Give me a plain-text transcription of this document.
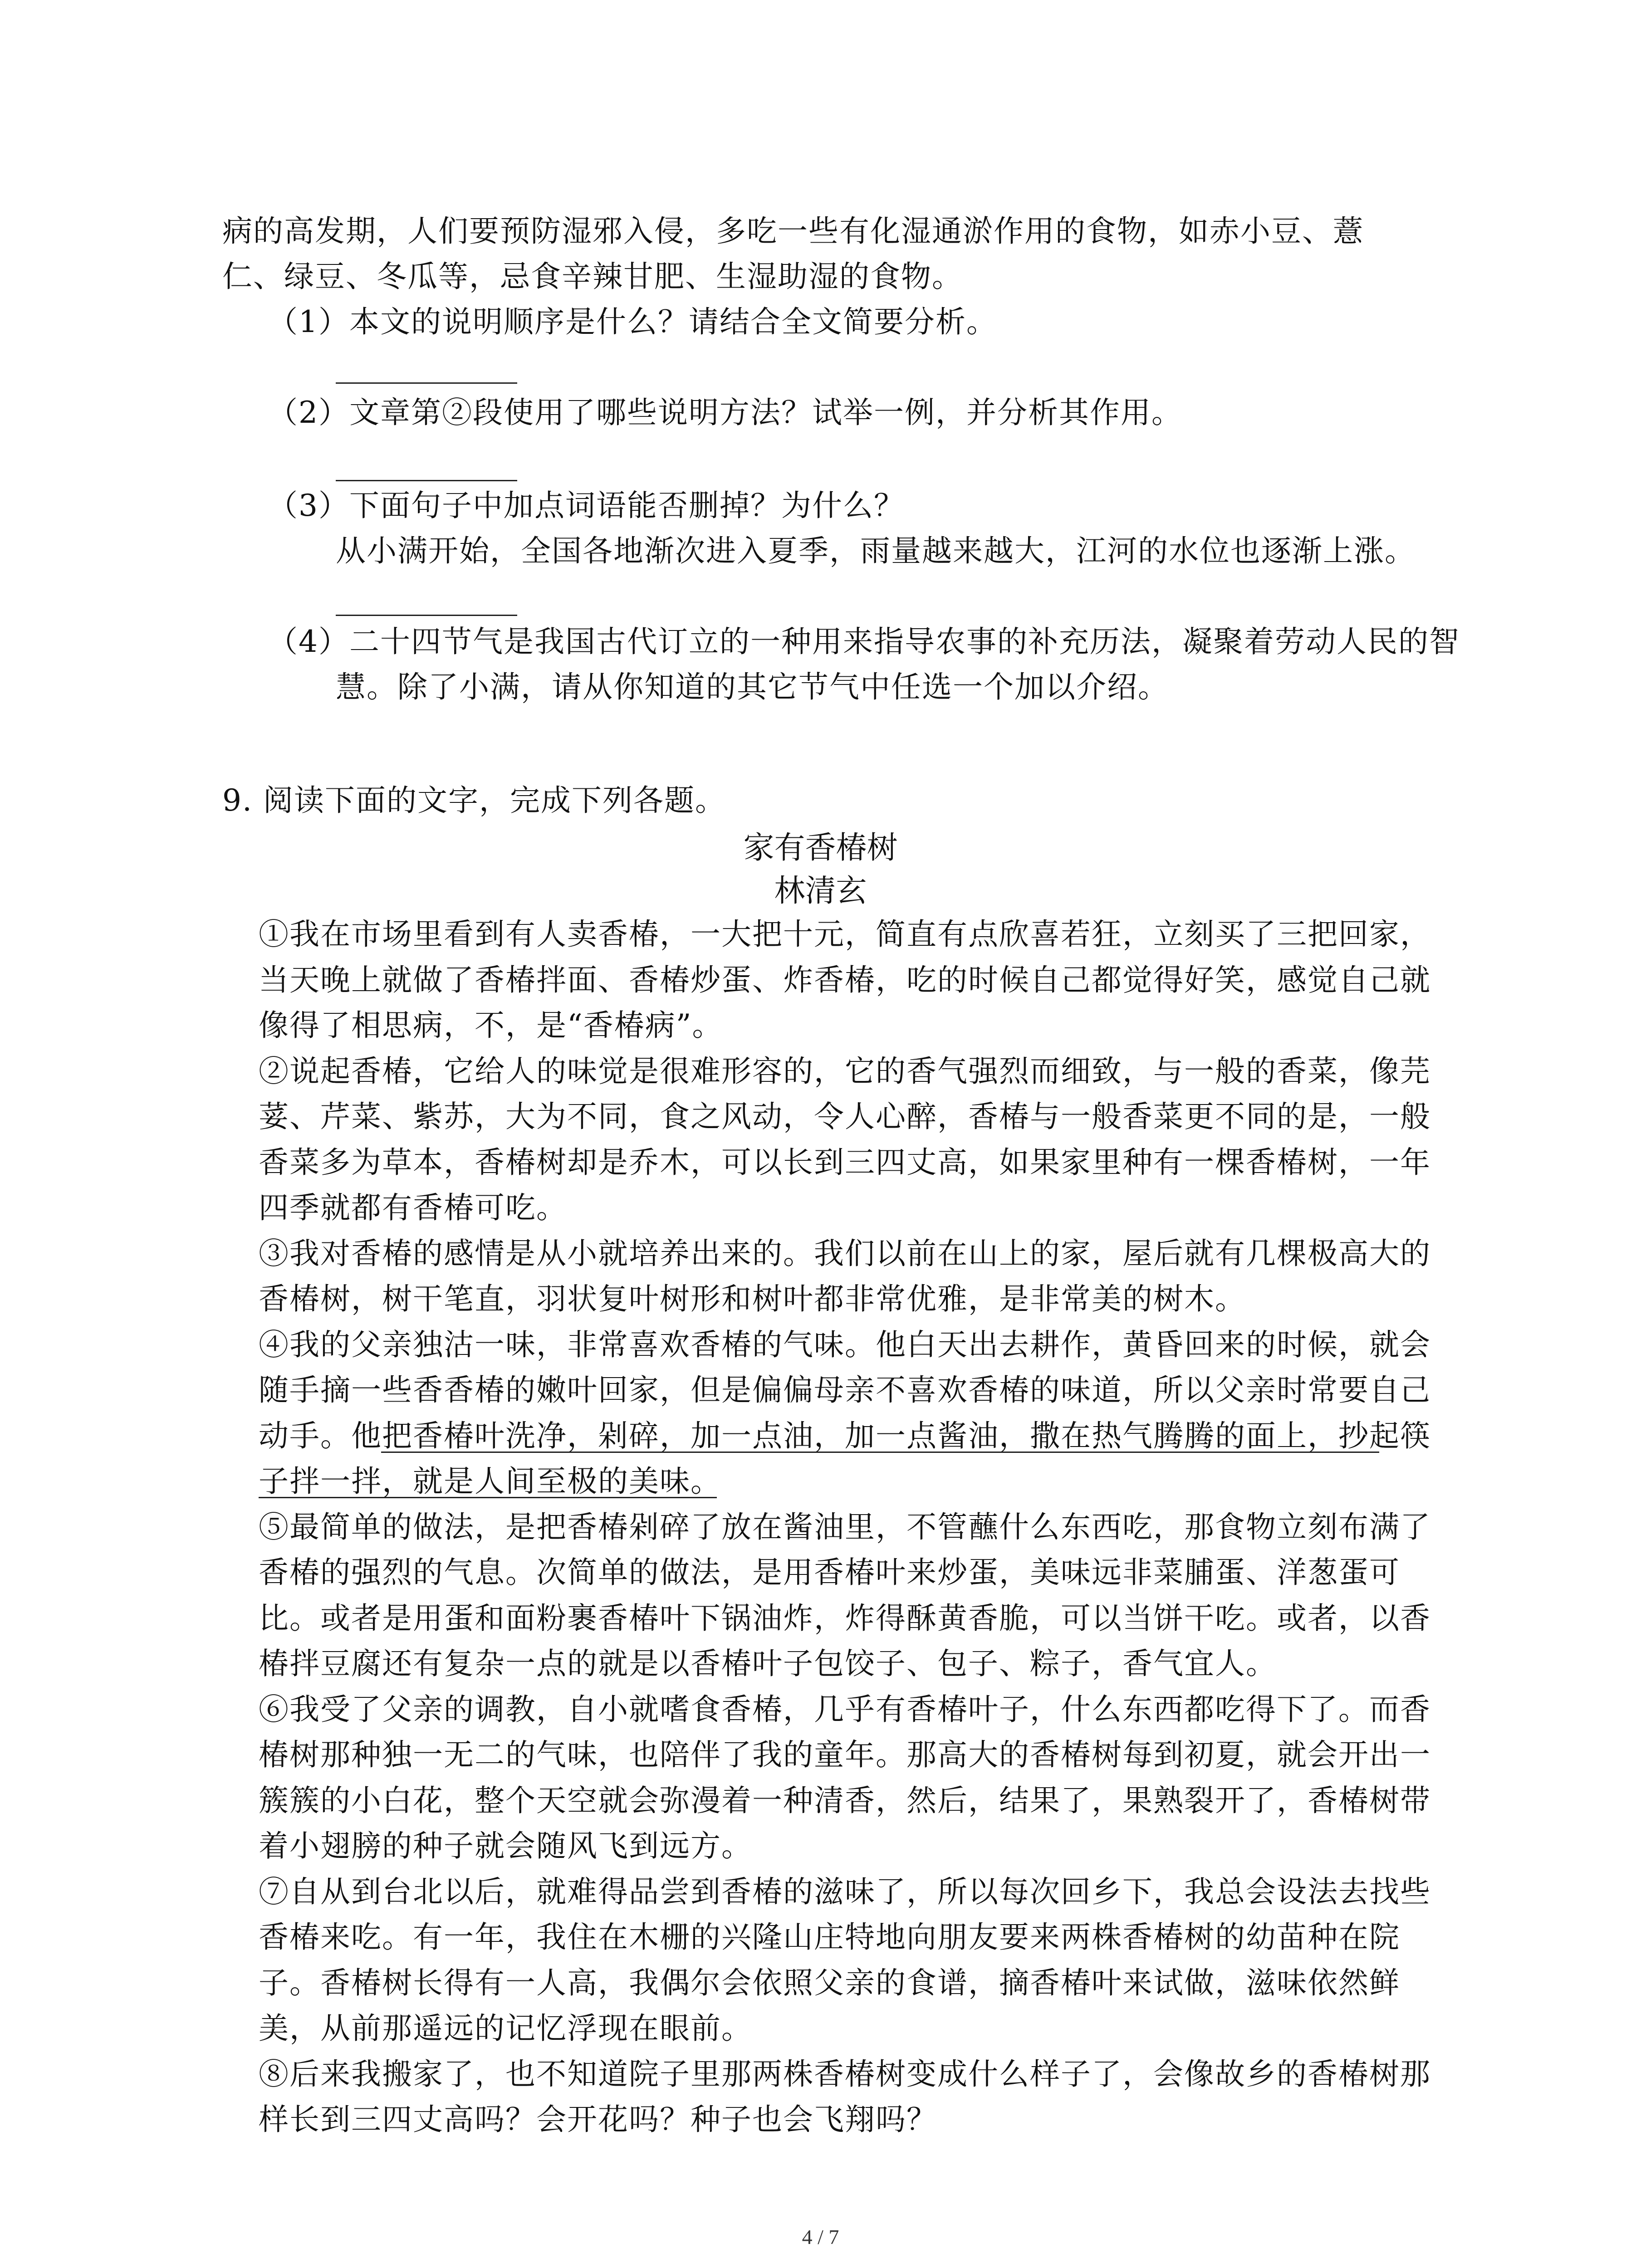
病的高发期，人们要预防湿邪入侵，多吃一些有化湿通淤作用的食物，如赤小豆、薏
仁、绿豆、冬瓜等，忌食辛辣甘肥、生湿助湿的食物。
（1）本文的说明顺序是什么？请结合全文简要分析。
（2）文章第②段使用了哪些说明方法？试举一例，并分析其作用。
（3）下面句子中加点词语能否删掉？为什么？
从小满开始，全国各地渐次进入夏季，雨量越来越大，江河的水位也逐渐上涨。
（4）二十四节气是我国古代订立的一种用来指导农事的补充历法，凝聚着劳动人民的智
慧。除了小满，请从你知道的其它节气中任选一个加以介绍。
9. 阅读下面的文字，完成下列各题。
家有香椿树
林清玄
①我在市场里看到有人卖香椿，一大把十元，简直有点欣喜若狂，立刻买了三把回家，
当天晚上就做了香椿拌面、香椿炒蛋、炸香椿，吃的时候自己都觉得好笑，感觉自己就
像得了相思病，不，是“香椿病”。
②说起香椿，它给人的味觉是很难形容的，它的香气强烈而细致，与一般的香菜，像芫
荽、芹菜、紫苏，大为不同，食之风动，令人心醉，香椿与一般香菜更不同的是，一般
香菜多为草本，香椿树却是乔木，可以长到三四丈高，如果家里种有一棵香椿树，一年
四季就都有香椿可吃。
③我对香椿的感情是从小就培养出来的。我们以前在山上的家，屋后就有几棵极高大的
香椿树，树干笔直，羽状复叶树形和树叶都非常优雅，是非常美的树木。
④我的父亲独沽一味，非常喜欢香椿的气味。他白天出去耕作，黄昏回来的时候，就会
随手摘一些香香椿的嫩叶回家，但是偏偏母亲不喜欢香椿的味道，所以父亲时常要自己
动手。他把香椿叶洗净，剁碎，加一点油，加一点酱油，撒在热气腾腾的面上，抄起筷
子拌一拌，就是人间至极的美味。
⑤最简单的做法，是把香椿剁碎了放在酱油里，不管蘸什么东西吃，那食物立刻布满了
香椿的强烈的气息。次简单的做法，是用香椿叶来炒蛋，美味远非菜脯蛋、洋葱蛋可
比。或者是用蛋和面粉裹香椿叶下锅油炸，炸得酥黄香脆，可以当饼干吃。或者，以香
椿拌豆腐还有复杂一点的就是以香椿叶子包饺子、包子、粽子，香气宜人。
⑥我受了父亲的调教，自小就嗜食香椿，几乎有香椿叶子，什么东西都吃得下了。而香
椿树那种独一无二的气味，也陪伴了我的童年。那高大的香椿树每到初夏，就会开出一
簇簇的小白花，整个天空就会弥漫着一种清香，然后，结果了，果熟裂开了，香椿树带
着小翅膀的种子就会随风飞到远方。
⑦自从到台北以后，就难得品尝到香椿的滋味了，所以每次回乡下，我总会设法去找些
香椿来吃。有一年，我住在木栅的兴隆山庄特地向朋友要来两株香椿树的幼苗种在院
子。香椿树长得有一人高，我偶尔会依照父亲的食谱，摘香椿叶来试做，滋味依然鲜
美，从前那遥远的记忆浮现在眼前。
⑧后来我搬家了，也不知道院子里那两株香椿树变成什么样子了，会像故乡的香椿树那
样长到三四丈高吗？会开花吗？种子也会飞翔吗？
4 / 7
